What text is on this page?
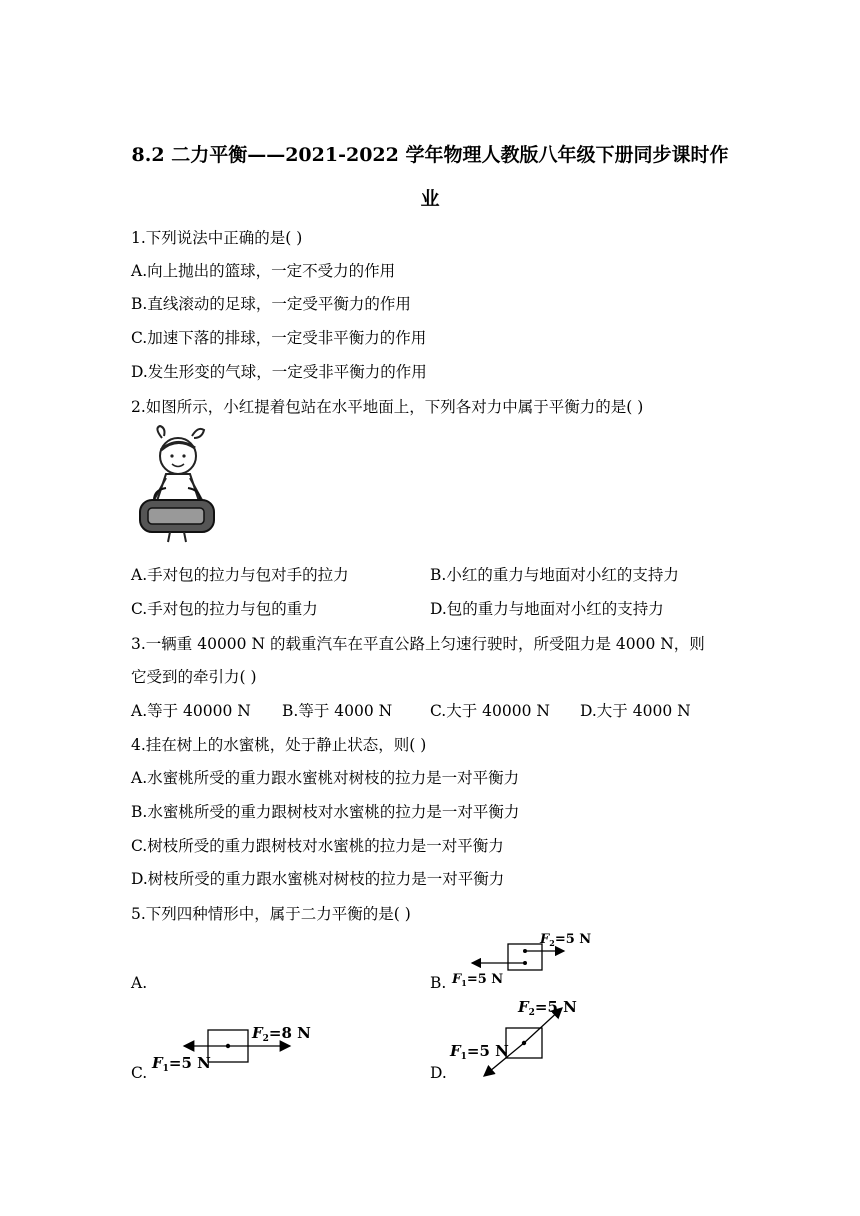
8.2 二力平衡——2021-2022 学年物理人教版八年级下册同步课时作
业
1.下列说法中正确的是( )
A.向上抛出的篮球，一定不受力的作用
B.直线滚动的足球，一定受平衡力的作用
C.加速下落的排球，一定受非平衡力的作用
D.发生形变的气球，一定受非平衡力的作用
2.如图所示，小红提着包站在水平地面上，下列各对力中属于平衡力的是( )
A.手对包的拉力与包对手的拉力	B.小红的重力与地面对小红的支持力
C.手对包的拉力与包的重力	D.包的重力与地面对小红的支持力
3.一辆重 40000 N 的载重汽车在平直公路上匀速行驶时，所受阻力是 4000 N，则
它受到的牵引力( )
A.等于 40000 N B.等于 4000 N C.大于 40000 N D.大于 4000 N
4.挂在树上的水蜜桃，处于静止状态，则( )
A.水蜜桃所受的重力跟水蜜桃对树枝的拉力是一对平衡力
B.水蜜桃所受的重力跟树枝对水蜜桃的拉力是一对平衡力
C.树枝所受的重力跟树枝对水蜜桃的拉力是一对平衡力
D.树枝所受的重力跟水蜜桃对树枝的拉力是一对平衡力
5.下列四种情形中，属于二力平衡的是( )
A.	B.
C.	D.
$F_2=5$ N
$F_1=5$ N
$F_2=8$ N
$F_1=5$ N
$F_2=5$ N
$F_1=5$ N
